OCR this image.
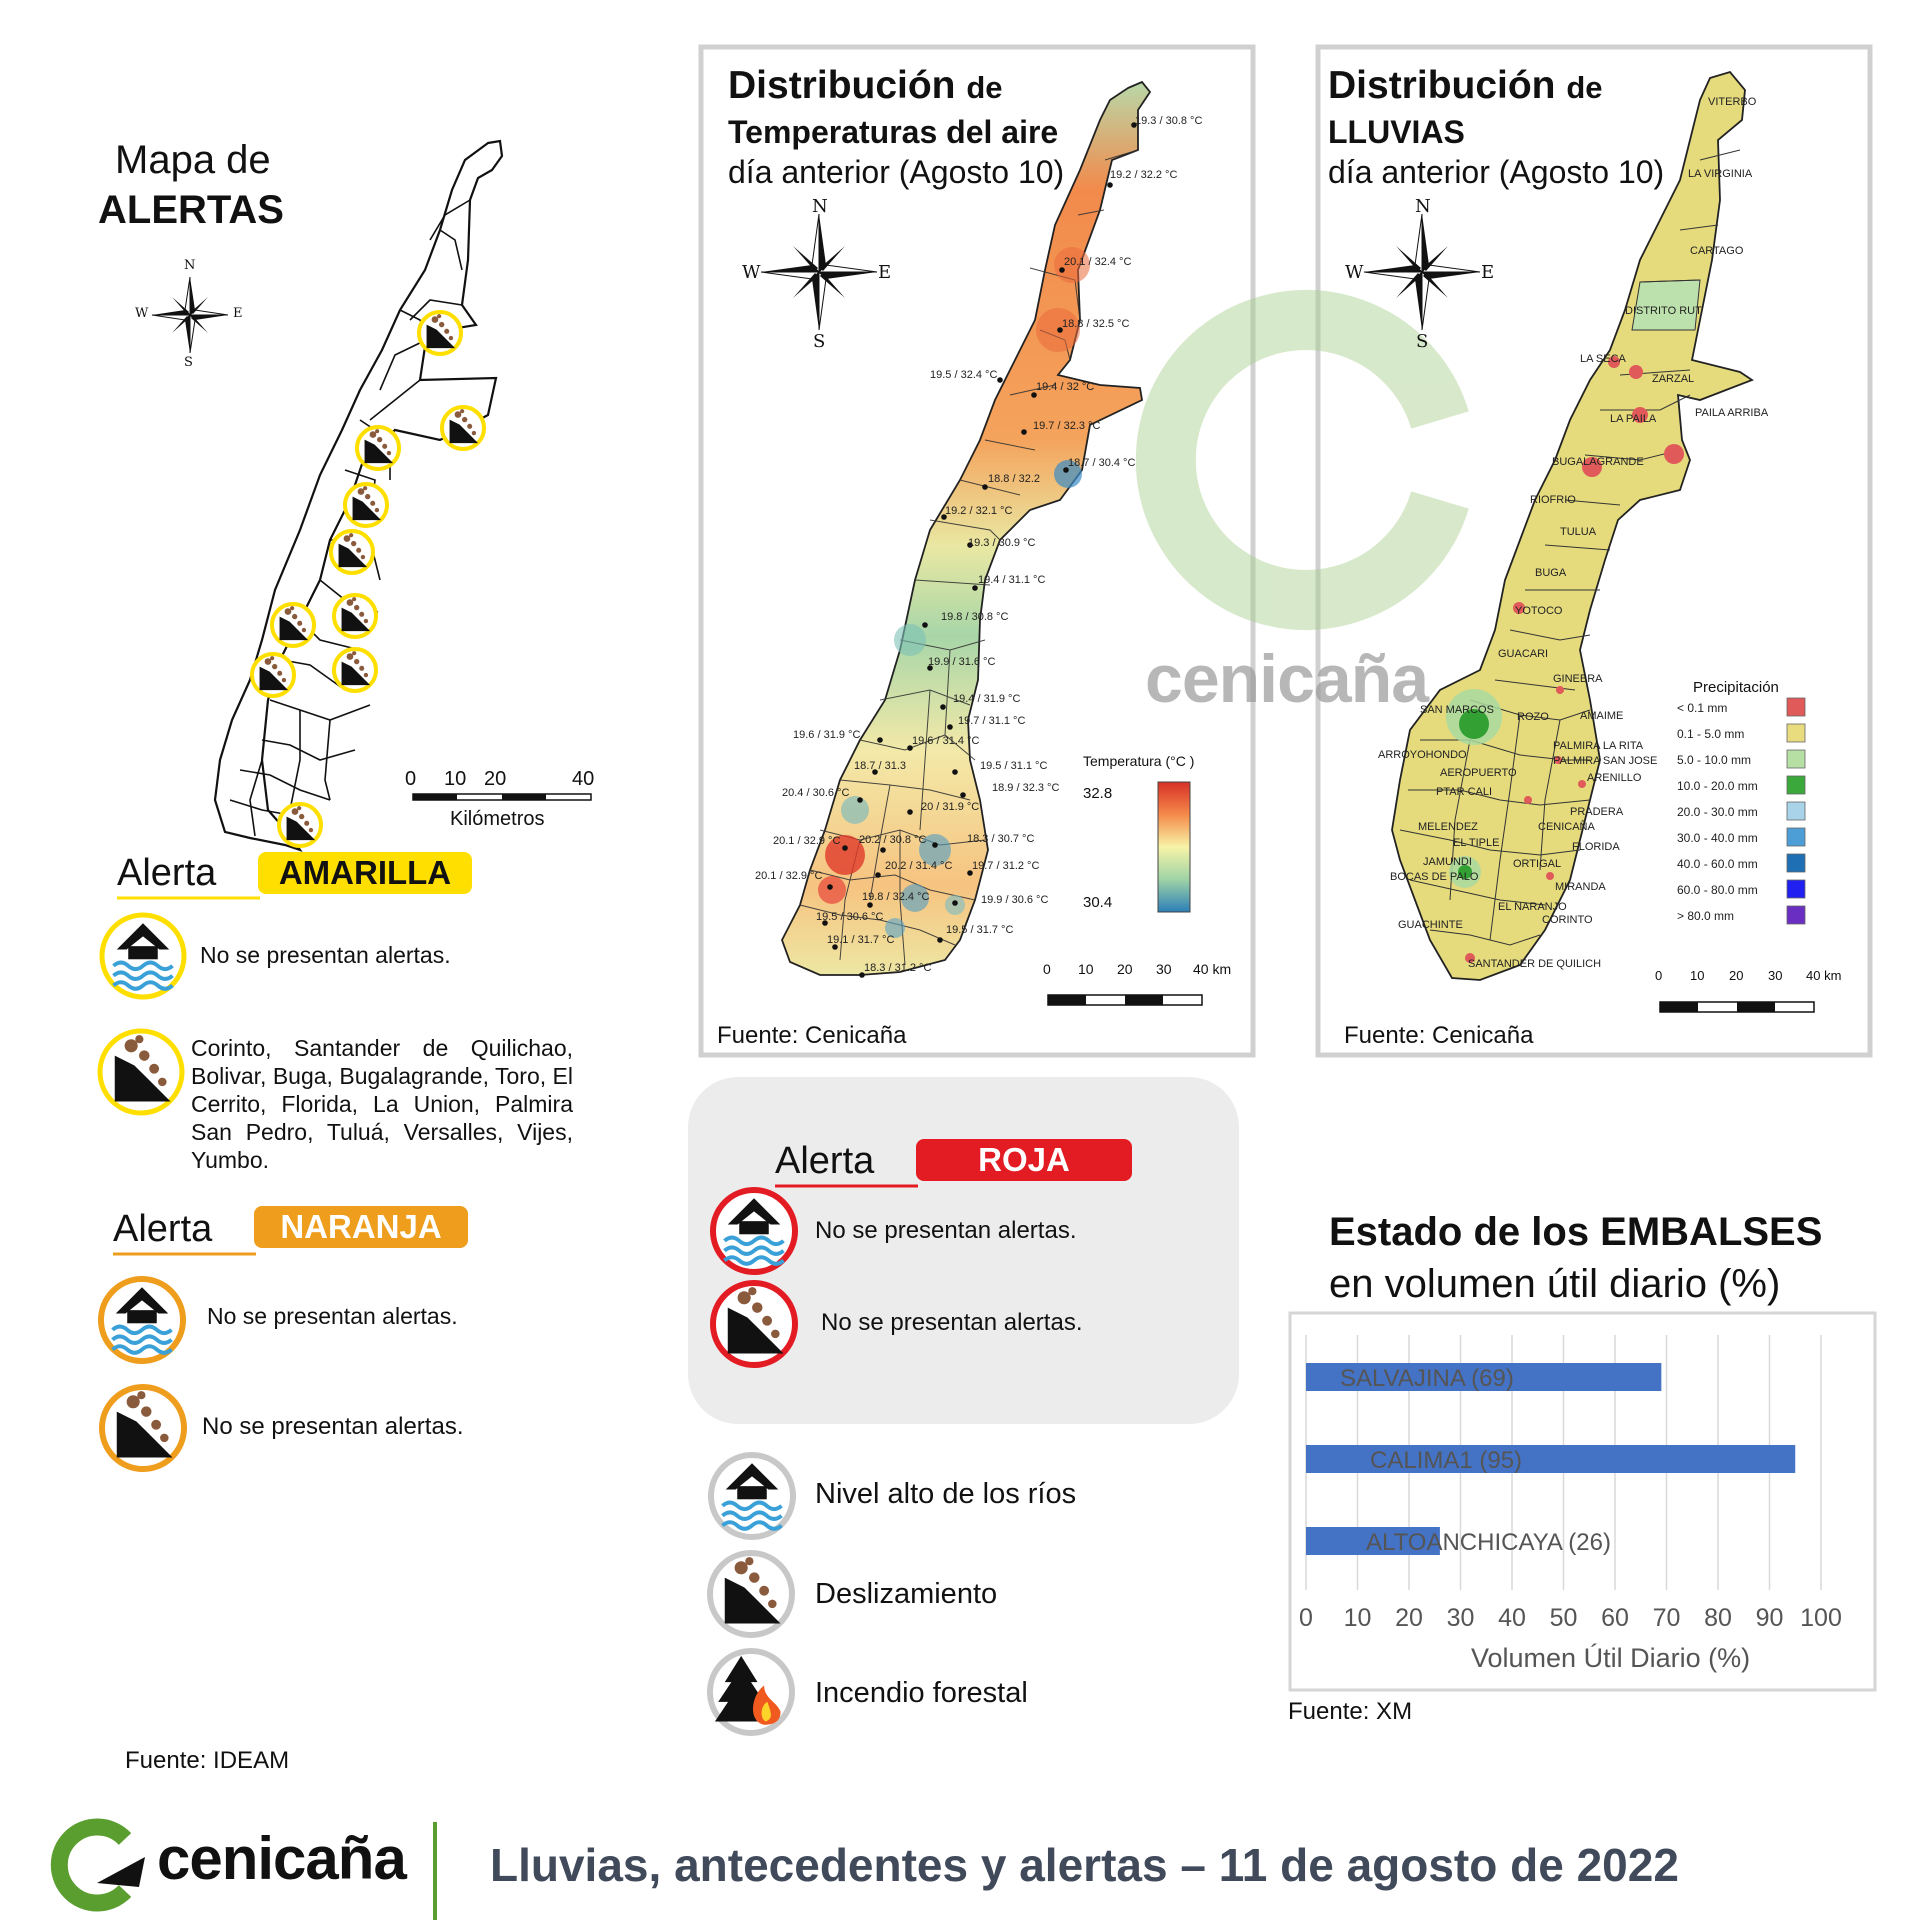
19.3 / 30.8 °C
19.2 / 32.2 °C
20.1 / 32.4 °C
18.8 / 32.5 °C
19.5 / 32.4 °C
19.4 / 32 °C
19.7 / 32.3 °C
18.7 / 30.4 °C
18.8 / 32.2
19.2 / 32.1 °C
19.3 / 30.9 °C
19.4 / 31.1 °C
19.8 / 30.8 °C
19.9 / 31.6 °C
19.4 / 31.9 °C
19.7 / 31.1 °C
19.6 / 31.9 °C	19.6 / 31.4 °C
18.7 / 31.3	19.5 / 31.1 °C
18.9 / 32.3 °C
20.4 / 30.6 °C
20 / 31.9 °C
20.1 / 32.9 °C 20.2 / 30.8 °C	18.3 / 30.7 °C
20.1 / 32.9 °C
20.2 / 31.4 °C 19.7 / 31.2 °C
19.8 / 32.4 °C	19.9 / 30.6 °C
19.5 / 30.6 °C
19.5 / 31.7 °C
19.1 / 31.7 °C
18.3 / 31.2 °C
VITERBO
LA VIRGINIA
CARTAGO
DISTRITO RUT
LA SECA
ZARZAL
LA PAILA	PAILA ARRIBA
BUGALAGRANDE
RIOFRIO
TULUA
BUGA
YOTOCO
GUACARI
GINEBRA
SAN MARCOS
ROZO	AMAIME
ARROYOHONDO
PALMIRA LA RITA
PALMIRA SAN JOSE
AEROPUERTO	ARENILLO
PTAR CALI
PRADERA
MELENDEZ	CENICAÑA
EL TIPLE	FLORIDA
JAMUNDI
BOCAS DE PALO
ORTIGAL
MIRANDA
EL NARANJO
GUACHINTE	CORINTO
SANTANDER DE QUILICH
< 0.1 mm
0.1 - 5.0 mm
5.0 - 10.0 mm
10.0 - 20.0 mm
20.0 - 30.0 mm
30.0 - 40.0 mm
40.0 - 60.0 mm
60.0 - 80.0 mm
> 80.0 mm
0 10 20 30 40 50 60 70 80 90 100
SALVAJINA (69)
CALIMA1 (95)
ALTOANCHICAYA (26)
Mapa de
ALERTAS
N
S
E
W
0 10 20	40
Kilómetros
Alerta	AMARILLA
No se presentan alertas.
Corinto, Santander de Quilichao, Bolivar, Buga, Bugalagrande, Toro, El Cerrito, Florida, La Union, Palmira San Pedro, Tuluá, Versalles, Vijes, Yumbo.
Alerta	NARANJA
No se presentan alertas.
No se presentan alertas.
Fuente: IDEAM
Distribución de
Temperaturas del aire
día anterior (Agosto 10)
N
S
E
W
Temperatura (°C )
32.8
30.4
0 10 20 30 40 km
Fuente: Cenicaña
Distribución de
LLUVIAS
día anterior (Agosto 10)
N
S
E
W
Precipitación
0 10 20 30 40 km
Fuente: Cenicaña
cenicaña
Alerta	ROJA
No se presentan alertas.
No se presentan alertas.
Nivel alto de los ríos
Deslizamiento
Incendio forestal
Estado de los EMBALSES
en volumen útil diario (%)
Volumen Útil Diario (%)
Fuente: XM
cenicaña Lluvias, antecedentes y alertas – 11 de agosto de 2022
